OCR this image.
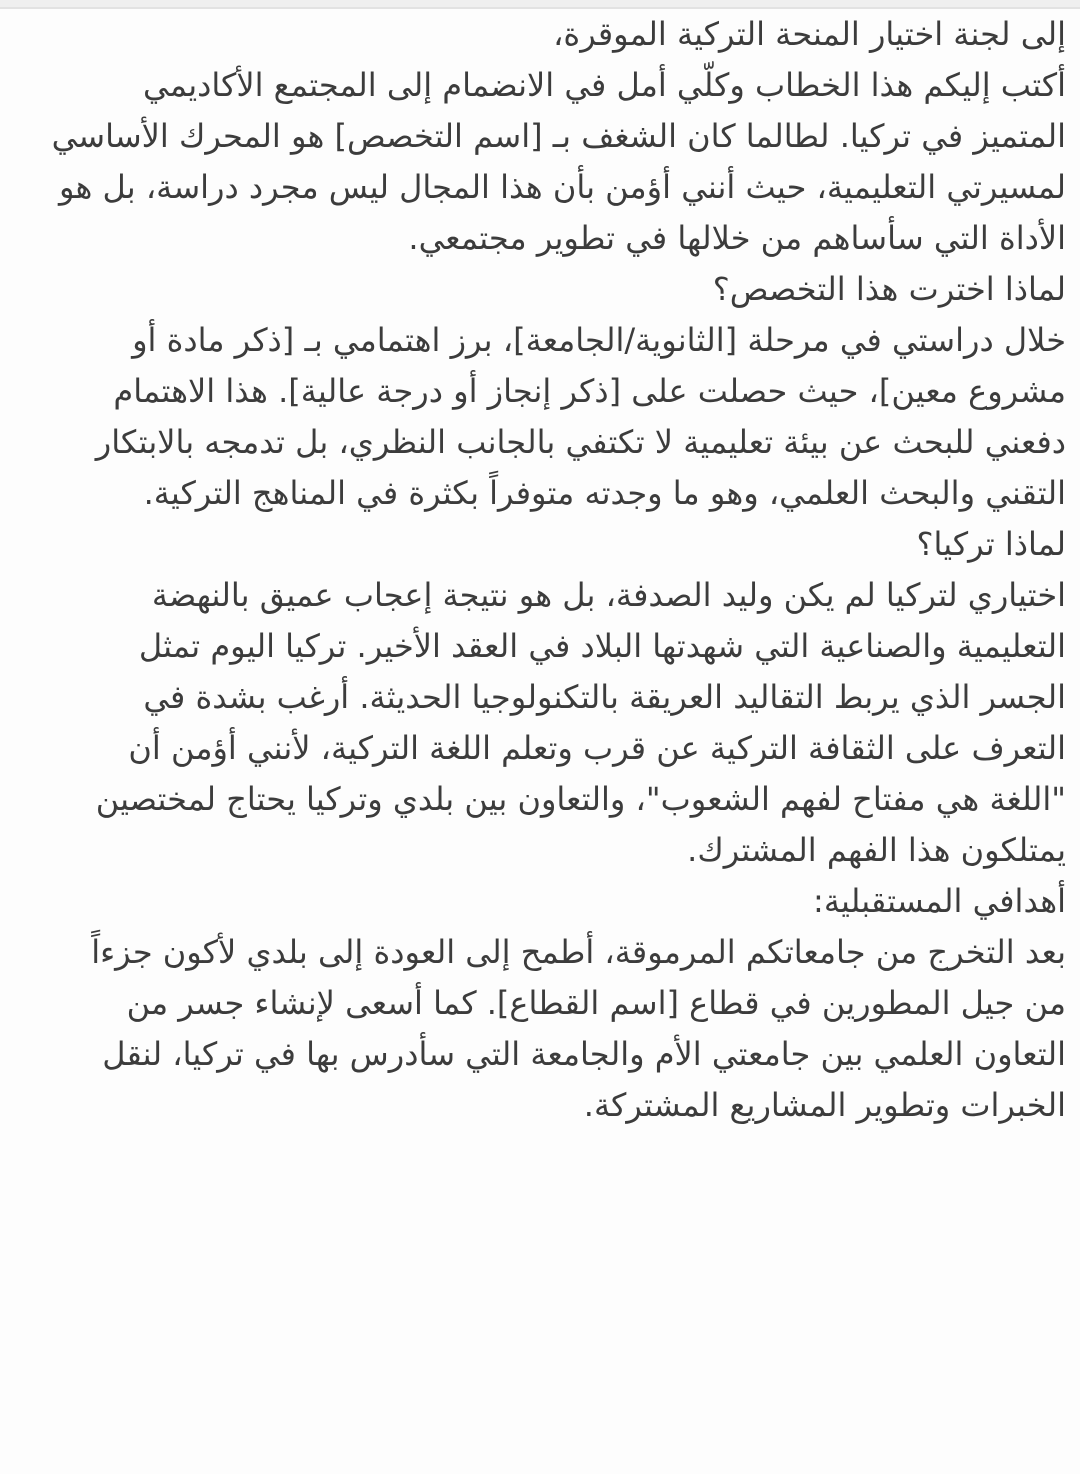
إلى لجنة اختيار المنحة التركية الموقرة،

أكتب إليكم هذا الخطاب وكلّي أمل في الانضمام إلى المجتمع الأكاديمي المتميز في تركيا. لطالما كان الشغف بـ [اسم التخصص] هو المحرك الأساسي لمسيرتي التعليمية، حيث أنني أؤمن بأن هذا المجال ليس مجرد دراسة، بل هو الأداة التي سأساهم من خلالها في تطوير مجتمعي.

لماذا اخترت هذا التخصص؟

خلال دراستي في مرحلة [الثانوية/الجامعة]، برز اهتمامي بـ [ذكر مادة أو مشروع معين]، حيث حصلت على [ذكر إنجاز أو درجة عالية]. هذا الاهتمام دفعني للبحث عن بيئة تعليمية لا تكتفي بالجانب النظري، بل تدمجه بالابتكار التقني والبحث العلمي، وهو ما وجدته متوفراً بكثرة في المناهج التركية.

لماذا تركيا؟

اختياري لتركيا لم يكن وليد الصدفة، بل هو نتيجة إعجاب عميق بالنهضة التعليمية والصناعية التي شهدتها البلاد في العقد الأخير. تركيا اليوم تمثل الجسر الذي يربط التقاليد العريقة بالتكنولوجيا الحديثة. أرغب بشدة في التعرف على الثقافة التركية عن قرب وتعلم اللغة التركية، لأنني أؤمن أن "اللغة هي مفتاح لفهم الشعوب"، والتعاون بين بلدي وتركيا يحتاج لمختصين يمتلكون هذا الفهم المشترك.

أهدافي المستقبلية:

بعد التخرج من جامعاتكم المرموقة، أطمح إلى العودة إلى بلدي لأكون جزءاً من جيل المطورين في قطاع [اسم القطاع]. كما أسعى لإنشاء جسر من التعاون العلمي بين جامعتي الأم والجامعة التي سأدرس بها في تركيا، لنقل الخبرات وتطوير المشاريع المشتركة.
